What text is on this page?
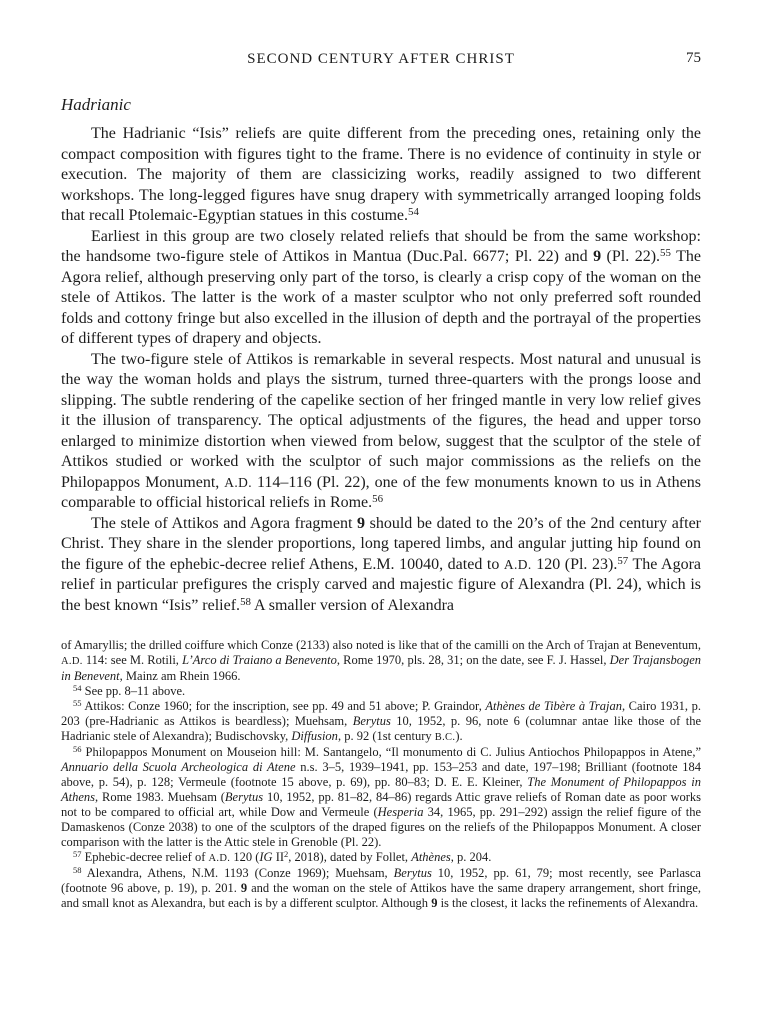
SECOND CENTURY AFTER CHRIST	75
Hadrianic

The Hadrianic “Isis” reliefs are quite different from the preceding ones, retaining only the compact composition with figures tight to the frame. There is no evidence of continuity in style or execution. The majority of them are classicizing works, readily assigned to two different workshops. The long-legged figures have snug drapery with symmetrically arranged looping folds that recall Ptolemaic-Egyptian statues in this costume.$^{54}$

Earliest in this group are two closely related reliefs that should be from the same workshop: the handsome two-figure stele of Attikos in Mantua (Duc.Pal. 6677; Pl. 22) and 9 (Pl. 22).$^{55}$ The Agora relief, although preserving only part of the torso, is clearly a crisp copy of the woman on the stele of Attikos. The latter is the work of a master sculptor who not only preferred soft rounded folds and cottony fringe but also excelled in the illusion of depth and the portrayal of the properties of different types of drapery and objects.

The two-figure stele of Attikos is remarkable in several respects. Most natural and unusual is the way the woman holds and plays the sistrum, turned three-quarters with the prongs loose and slipping. The subtle rendering of the capelike section of her fringed mantle in very low relief gives it the illusion of transparency. The optical adjustments of the figures, the head and upper torso enlarged to minimize distortion when viewed from below, suggest that the sculptor of the stele of Attikos studied or worked with the sculptor of such major commissions as the reliefs on the Philopappos Monument, A.D. 114–116 (Pl. 22), one of the few monuments known to us in Athens comparable to official historical reliefs in Rome.$^{56}$

The stele of Attikos and Agora fragment 9 should be dated to the 20’s of the 2nd century after Christ. They share in the slender proportions, long tapered limbs, and angular jutting hip found on the figure of the ephebic-decree relief Athens, E.M. 10040, dated to A.D. 120 (Pl. 23).$^{57}$ The Agora relief in particular prefigures the crisply carved and majestic figure of Alexandra (Pl. 24), which is the best known “Isis” relief.$^{58}$ A smaller version of Alexandra

of Amaryllis; the drilled coiffure which Conze (2133) also noted is like that of the camilli on the Arch of Trajan at Beneventum, A.D. 114: see M. Rotili, L’Arco di Traiano a Benevento, Rome 1970, pls. 28, 31; on the date, see F. J. Hassel, Der Trajansbogen in Benevent, Mainz am Rhein 1966.

$^{54}$ See pp. 8–11 above.

$^{55}$ Attikos: Conze 1960; for the inscription, see pp. 49 and 51 above; P. Graindor, Athènes de Tibère à Trajan, Cairo 1931, p. 203 (pre-Hadrianic as Attikos is beardless); Muehsam, Berytus 10, 1952, p. 96, note 6 (columnar antae like those of the Hadrianic stele of Alexandra); Budischovsky, Diffusion, p. 92 (1st century B.C.).

$^{56}$ Philopappos Monument on Mouseion hill: M. Santangelo, “Il monumento di C. Julius Antiochos Philopappos in Atene,” Annuario della Scuola Archeologica di Atene n.s. 3–5, 1939–1941, pp. 153–253 and date, 197–198; Brilliant (footnote 184 above, p. 54), p. 128; Vermeule (footnote 15 above, p. 69), pp. 80–83; D. E. E. Kleiner, The Monument of Philopappos in Athens, Rome 1983. Muehsam (Berytus 10, 1952, pp. 81–82, 84–86) regards Attic grave reliefs of Roman date as poor works not to be compared to official art, while Dow and Vermeule (Hesperia 34, 1965, pp. 291–292) assign the relief figure of the Damaskenos (Conze 2038) to one of the sculptors of the draped figures on the reliefs of the Philopappos Monument. A closer comparison with the latter is the Attic stele in Grenoble (Pl. 22).

$^{57}$ Ephebic-decree relief of A.D. 120 (IG $II^2$, 2018), dated by Follet, Athènes, p. 204.

$^{58}$ Alexandra, Athens, N.M. 1193 (Conze 1969); Muehsam, Berytus 10, 1952, pp. 61, 79; most recently, see Parlasca (footnote 96 above, p. 19), p. 201. 9 and the woman on the stele of Attikos have the same drapery arrangement, short fringe, and small knot as Alexandra, but each is by a different sculptor. Although 9 is the closest, it lacks the refinements of Alexandra.
